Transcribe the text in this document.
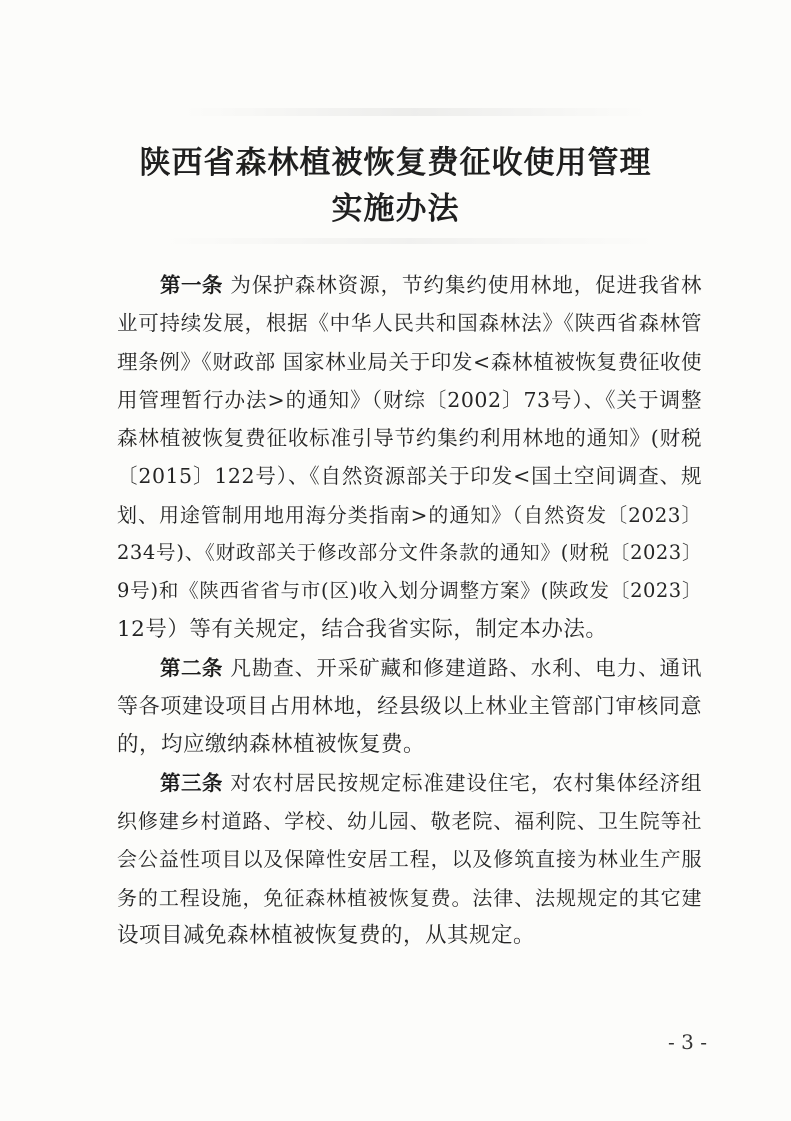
陕西省森林植被恢复费征收使用管理
实施办法
第一条 为保护森林资源，节约集约使用林地，促进我省林
业可持续发展，根据《中华人民共和国森林法》《陕西省森林管
理条例》《财政部 国家林业局关于印发<森林植被恢复费征收使
用管理暂行办法>的通知》（财综〔2002〕73号）、《关于调整
森林植被恢复费征收标准引导节约集约利用林地的通知》(财税
〔2015〕122号）、《自然资源部关于印发<国土空间调查、规
划、用途管制用地用海分类指南>的通知》（自然资发〔2023〕
234号)、《财政部关于修改部分文件条款的通知》(财税〔2023〕
9号)和《陕西省省与市(区)收入划分调整方案》(陕政发〔2023〕
12号）等有关规定，结合我省实际，制定本办法。
第二条 凡勘查、开采矿藏和修建道路、水利、电力、通讯
等各项建设项目占用林地，经县级以上林业主管部门审核同意
的，均应缴纳森林植被恢复费。
第三条 对农村居民按规定标准建设住宅，农村集体经济组
织修建乡村道路、学校、幼儿园、敬老院、福利院、卫生院等社
会公益性项目以及保障性安居工程，以及修筑直接为林业生产服
务的工程设施，免征森林植被恢复费。法律、法规规定的其它建
设项目减免森林植被恢复费的，从其规定。

- 3 -
